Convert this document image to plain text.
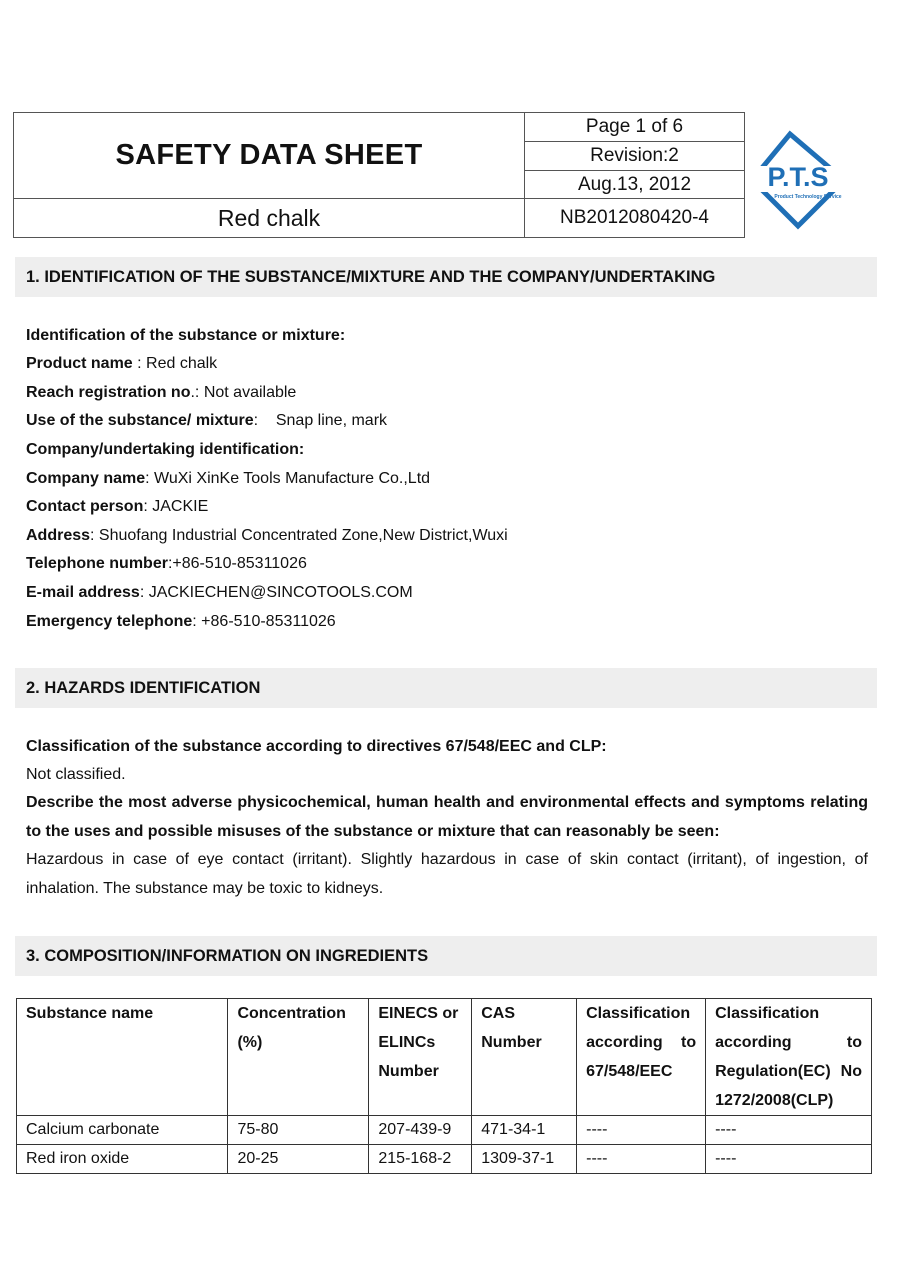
SAFETY DATA SHEET
Red chalk
Page 1 of 6
Revision:2
Aug.13, 2012
NB2012080420-4
P.T.S
Product Technology Service
1. IDENTIFICATION OF THE SUBSTANCE/MIXTURE AND THE COMPANY/UNDERTAKING
Identification of the substance or mixture:
Product name : Red chalk
Reach registration no.: Not available
Use of the substance/ mixture:    Snap line, mark
Company/undertaking identification:
Company name: WuXi XinKe Tools Manufacture Co.,Ltd
Contact person: JACKIE
Address: Shuofang Industrial Concentrated Zone,New District,Wuxi
Telephone number:+86-510-85311026
E-mail address: JACKIECHEN@SINCOTOOLS.COM
Emergency telephone: +86-510-85311026
2. HAZARDS IDENTIFICATION
Classification of the substance according to directives 67/548/EEC and CLP:
Not classified.
Describe the most adverse physicochemical, human health and environmental effects and symptoms relating to the uses and possible misuses of the substance or mixture that can reasonably be seen:
Hazardous in case of eye contact (irritant). Slightly hazardous in case of skin contact (irritant), of ingestion, of inhalation. The substance may be toxic to kidneys.
3. COMPOSITION/INFORMATION ON INGREDIENTS
Substance name	Concentration (%)	EINECS or ELINCs Number	CAS Number	Classification according to 67/548/EEC	Classification according to Regulation(EC) No 1272/2008(CLP)
Calcium carbonate	75-80	207-439-9	471-34-1	----	----
Red iron oxide	20-25	215-168-2	1309-37-1	----	----
